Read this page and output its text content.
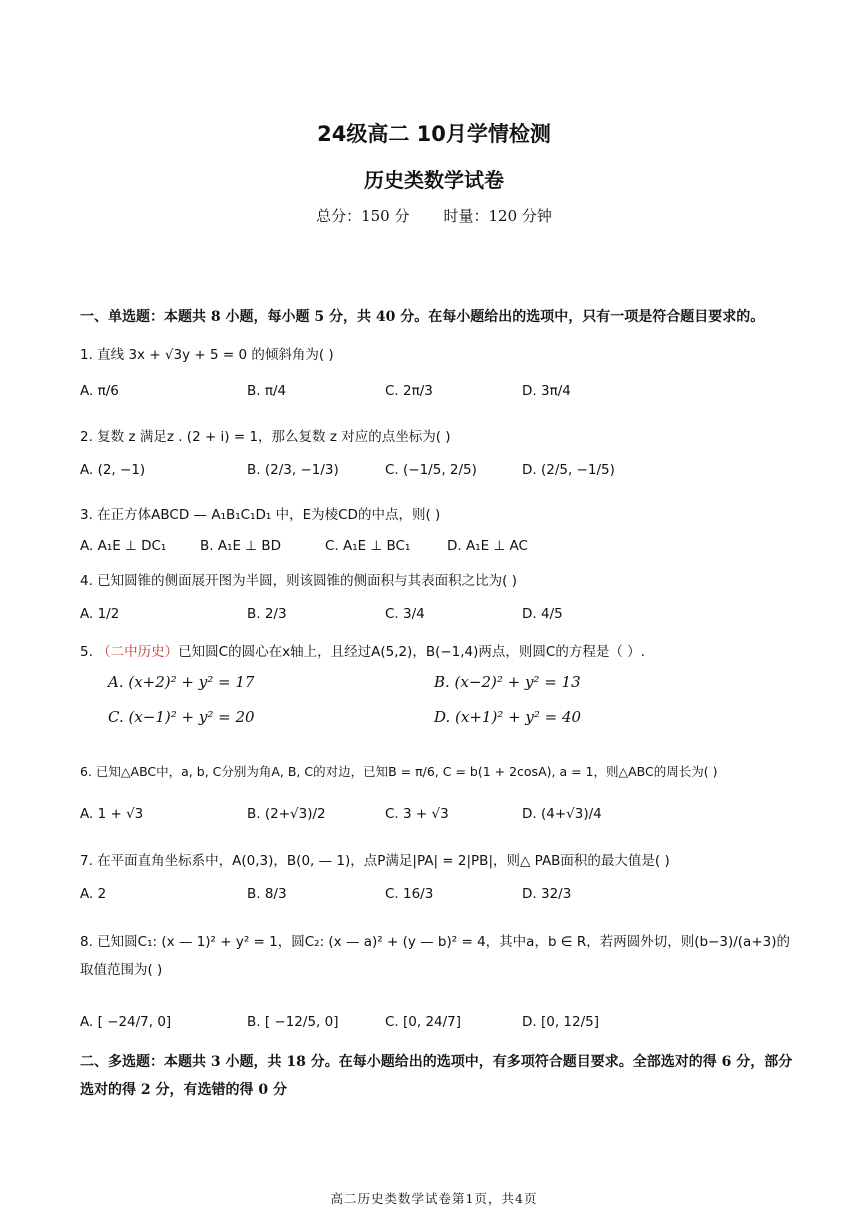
24级高二 10月学情检测
历史类数学试卷
总分：150 分 时量：120 分钟
一、单选题：本题共 8 小题，每小题 5 分，共 40 分。在每小题给出的选项中，只有一项是符合题目要求的。
1. 直线 3x + √3y + 5 = 0 的倾斜角为( )
A. π/6	B. π/4	C. 2π/3	D. 3π/4
2. 复数 z 满足z . (2 + i) = 1，那么复数 z 对应的点坐标为( )
A. (2, −1)	B. (2/3, −1/3)	C. (−1/5, 2/5)	D. (2/5, −1/5)
3. 在正方体ABCD — A₁B₁C₁D₁ 中，E为棱CD的中点，则( )
A. A₁E ⊥ DC₁ B. A₁E ⊥ BD	C. A₁E ⊥ BC₁	D. A₁E ⊥ AC
4. 已知圆锥的侧面展开图为半圆，则该圆锥的侧面积与其表面积之比为( )
A. 1/2	B. 2/3	C. 3/4	D. 4/5
5. （二中历史）已知圆C的圆心在x轴上，且经过A(5,2)，B(−1,4)两点，则圆C的方程是（ ）.
A. (x+2)² + y² = 17	B. (x−2)² + y² = 13
C. (x−1)² + y² = 20	D. (x+1)² + y² = 40
6. 已知△ABC中，a, b, C分别为角A, B, C的对边，已知B = π/6, C = b(1 + 2cosA), a = 1，则△ABC的周长为( )
A. 1 + √3	B. (2+√3)/2	C. 3 + √3	D. (4+√3)/4
7. 在平面直角坐标系中，A(0,3)，B(0, — 1)，点P满足|PA| = 2|PB|，则△ PAB面积的最大值是( )
A. 2	B. 8/3	C. 16/3	D. 32/3
8. 已知圆C₁: (x — 1)² + y² = 1，圆C₂: (x — a)² + (y — b)² = 4，其中a，b ∈ R，若两圆外切，则(b−3)/(a+3)的取值范围为( )
A. [ −24/7, 0]	B. [ −12/5, 0]	C. [0, 24/7]	D. [0, 12/5]
二、多选题：本题共 3 小题，共 18 分。在每小题给出的选项中，有多项符合题目要求。全部选对的得 6 分，部分选对的得 2 分，有选错的得 0 分
高二历史类数学试卷第1页，共4页
